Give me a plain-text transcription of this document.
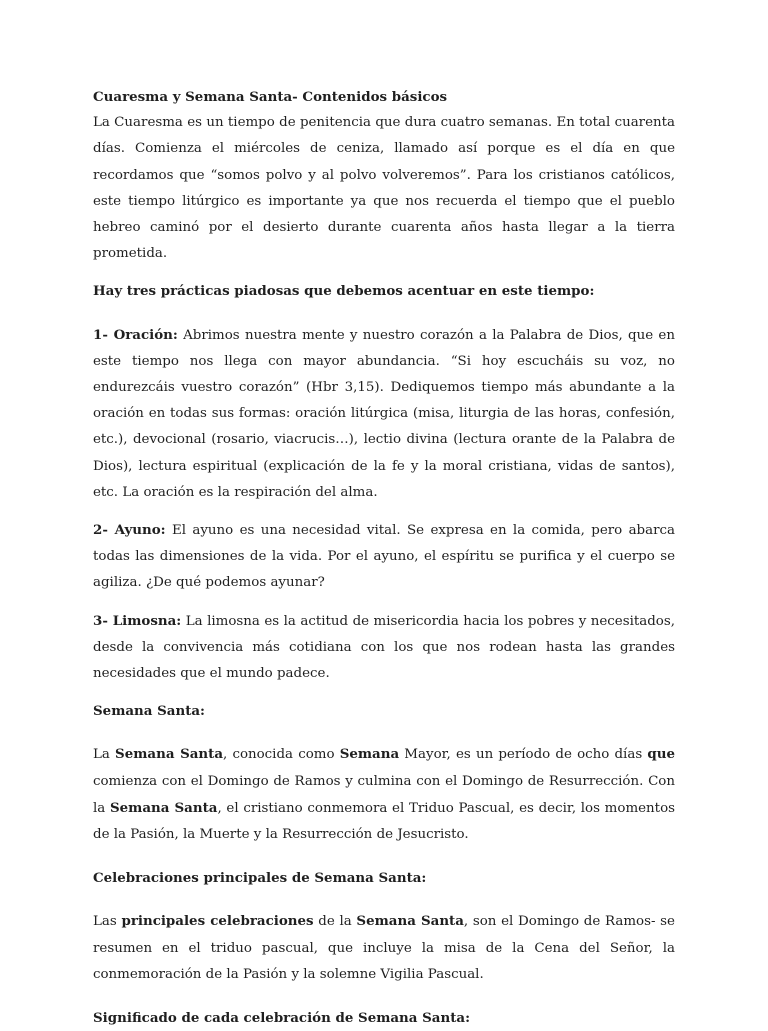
Cuaresma y Semana Santa- Contenidos básicos

La Cuaresma es un tiempo de penitencia que dura cuatro semanas. En total cuarenta días. Comienza el miércoles de ceniza, llamado así porque es el día en que recordamos que “somos polvo y al polvo volveremos”. Para los cristianos católicos, este tiempo litúrgico es importante ya que nos recuerda el tiempo que el pueblo hebreo caminó por el desierto durante cuarenta años hasta llegar a la tierra prometida.

Hay tres prácticas piadosas que debemos acentuar en este tiempo:

1- Oración: Abrimos nuestra mente y nuestro corazón a la Palabra de Dios, que en este tiempo nos llega con mayor abundancia. “Si hoy escucháis su voz, no endurezcáis vuestro corazón” (Hbr 3,15). Dediquemos tiempo más abundante a la oración en todas sus formas: oración litúrgica (misa, liturgia de las horas, confesión, etc.), devocional (rosario, viacrucis…), lectio divina (lectura orante de la Palabra de Dios), lectura espiritual (explicación de la fe y la moral cristiana, vidas de santos), etc. La oración es la respiración del alma.

2- Ayuno: El ayuno es una necesidad vital. Se expresa en la comida, pero abarca todas las dimensiones de la vida. Por el ayuno, el espíritu se purifica y el cuerpo se agiliza. ¿De qué podemos ayunar?

3- Limosna: La limosna es la actitud de misericordia hacia los pobres y necesitados, desde la convivencia más cotidiana con los que nos rodean hasta las grandes necesidades que el mundo padece.

Semana Santa:

La Semana Santa, conocida como Semana Mayor, es un período de ocho días que comienza con el Domingo de Ramos y culmina con el Domingo de Resurrección. Con la Semana Santa, el cristiano conmemora el Triduo Pascual, es decir, los momentos de la Pasión, la Muerte y la Resurrección de Jesucristo.

Celebraciones principales de Semana Santa:

Las principales celebraciones de la Semana Santa, son el Domingo de Ramos- se resumen en el triduo pascual, que incluye la misa de la Cena del Señor, la conmemoración de la Pasión y la solemne Vigilia Pascual.

Significado de cada celebración de Semana Santa:
